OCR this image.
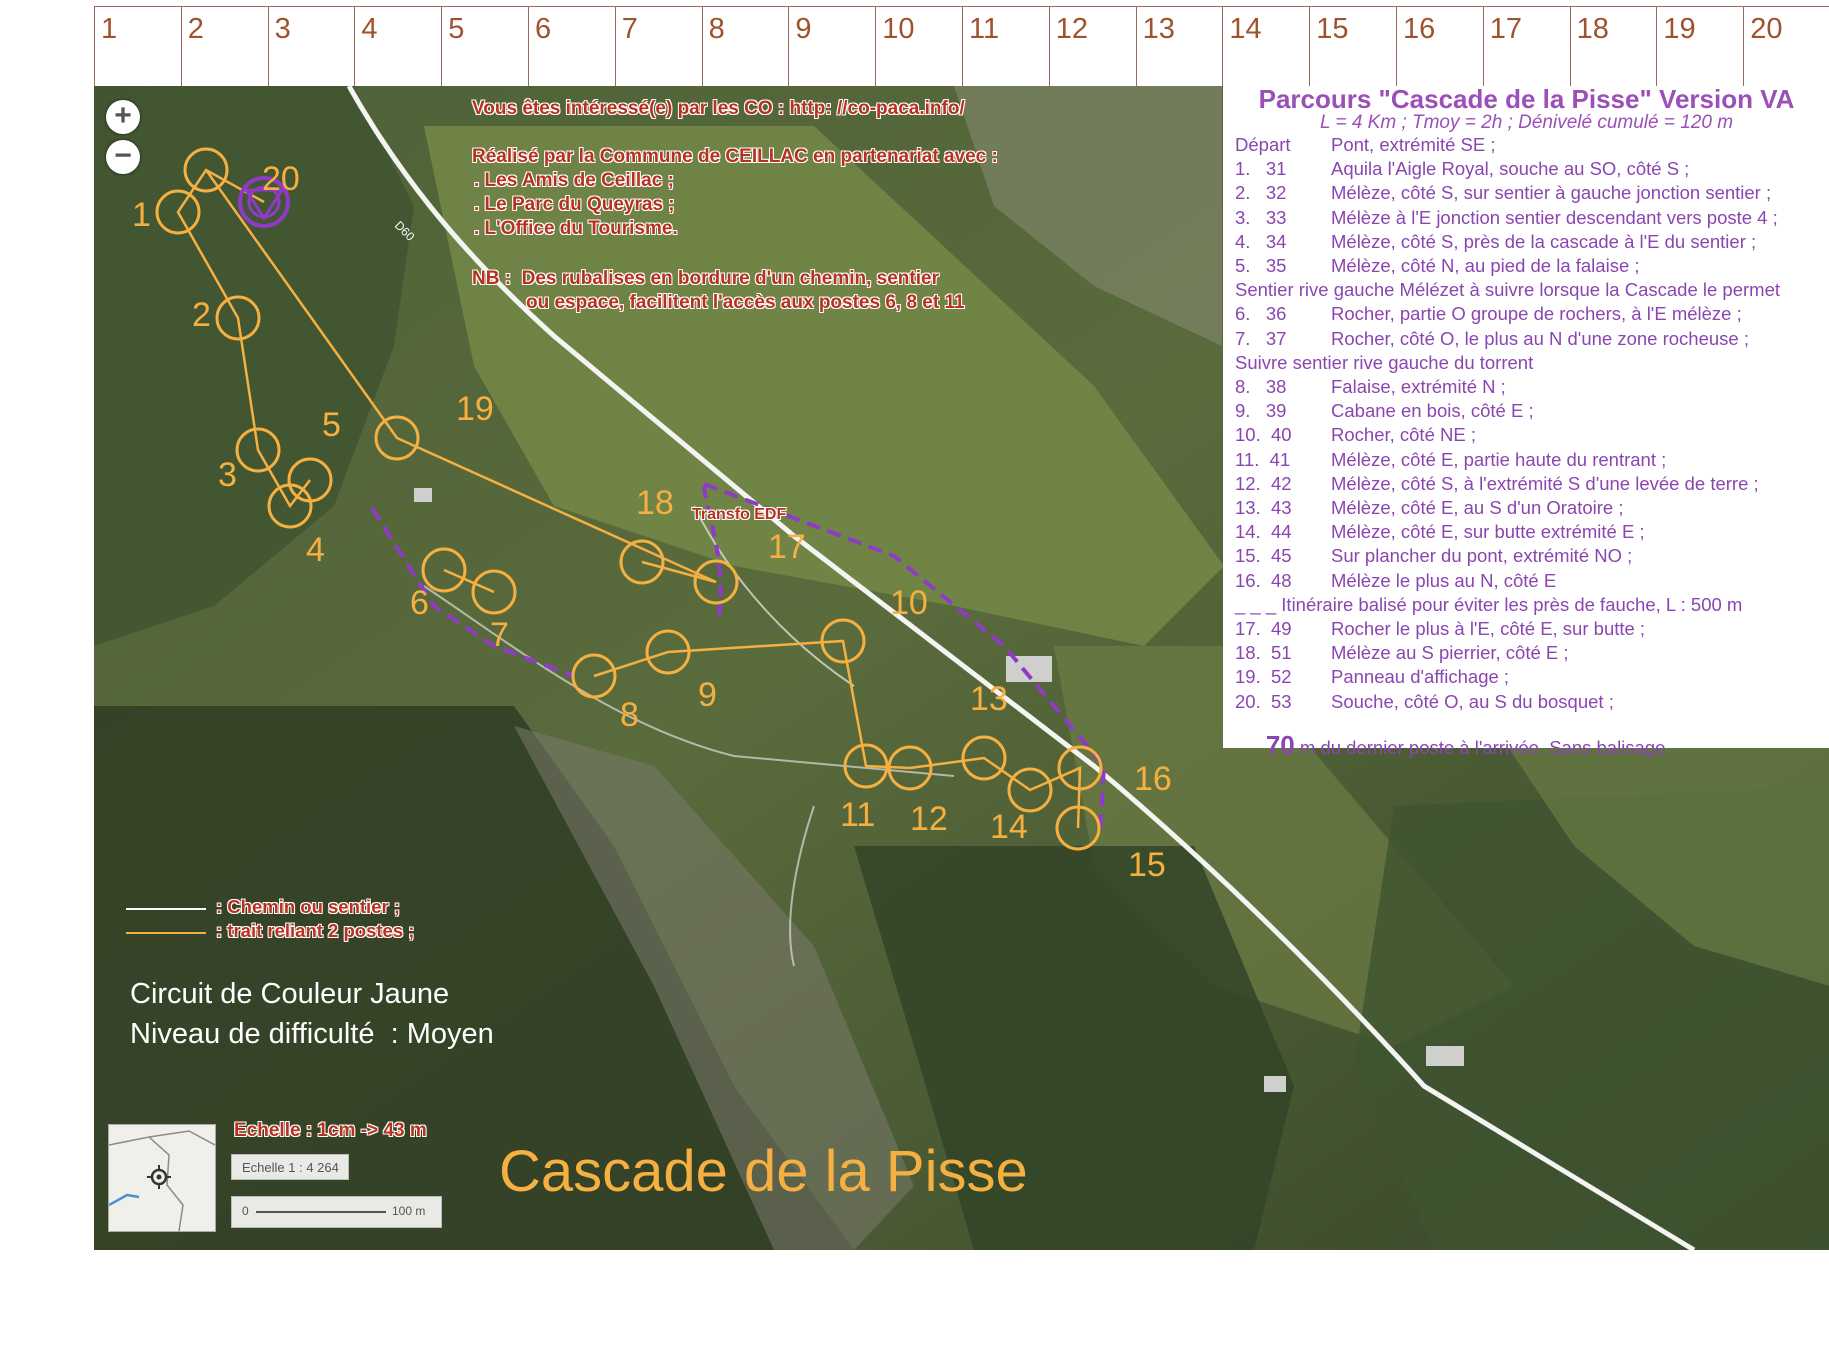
1	2	3	4	5	6	7	8	9	10	11	12	13	14	15	16	17	18	19	20
1
2
3
4
5
6
7
8
9
10
11 12
13
14
15
16
17
18
19
20
D60
+
−
Vous êtes intéressé(e) par les CO : http: //co-paca.info/
Réalisé par la Commune de CEILLAC en partenariat avec :
. Les Amis de Ceillac ;
. Le Parc du Queyras ;
. L'Office du Tourisme.
NB :  Des rubalises en bordure d'un chemin, sentier
ou espace, facilitent l'accès aux postes 6, 8 et 11
Transfo EDF
Parcours "Cascade de la Pisse" Version VA
L = 4 Km ; Tmoy = 2h ; Dénivelé cumulé = 120 m
Départ Pont, extrémité SE ;
1.   31 Aquila l'Aigle Royal, souche au SO, côté S ;
2.   32 Mélèze, côté S, sur sentier à gauche jonction sentier ;
3.   33 Mélèze à l'E jonction sentier descendant vers poste 4 ;
4.   34 Mélèze, côté S, près de la cascade à l'E du sentier ;
5.   35 Mélèze, côté N, au pied de la falaise ;
Sentier rive gauche Mélézet à suivre lorsque la Cascade le permet
6.   36 Rocher, partie O groupe de rochers, à l'E mélèze ;
7.   37 Rocher, côté O, le plus au N d'une zone rocheuse ;
Suivre sentier rive gauche du torrent
8.   38 Falaise, extrémité N ;
9.   39 Cabane en bois, côté E ;
10.  40 Rocher, côté NE ;
11.  41 Mélèze, côté E, partie haute du rentrant ;
12.  42 Mélèze, côté S, à l'extrémité S d'une levée de terre ;
13.  43 Mélèze, côté E, au S d'un Oratoire ;
14.  44 Mélèze, côté E, sur butte extrémité E ;
15.  45 Sur plancher du pont, extrémité NO ;
16.  48 Mélèze le plus au N, côté E
_ _ _ Itinéraire balisé pour éviter les près de fauche, L : 500 m
17.  49 Rocher le plus à l'E, côté E, sur butte ;
18.  51 Mélèze au S pierrier, côté E ;
19.  52 Panneau d'affichage ;
20.  53 Souche, côté O, au S du bosquet ;

70 m du dernier poste à l'arrivée. Sans balisage

: Chemin ou sentier ;
: trait reliant 2 postes ;
Circuit de Couleur Jaune
Niveau de difficulté  : Moyen
Cascade de la Pisse
Echelle : 1cm -> 43 m
Echelle 1 : 4 264
0	100 m
